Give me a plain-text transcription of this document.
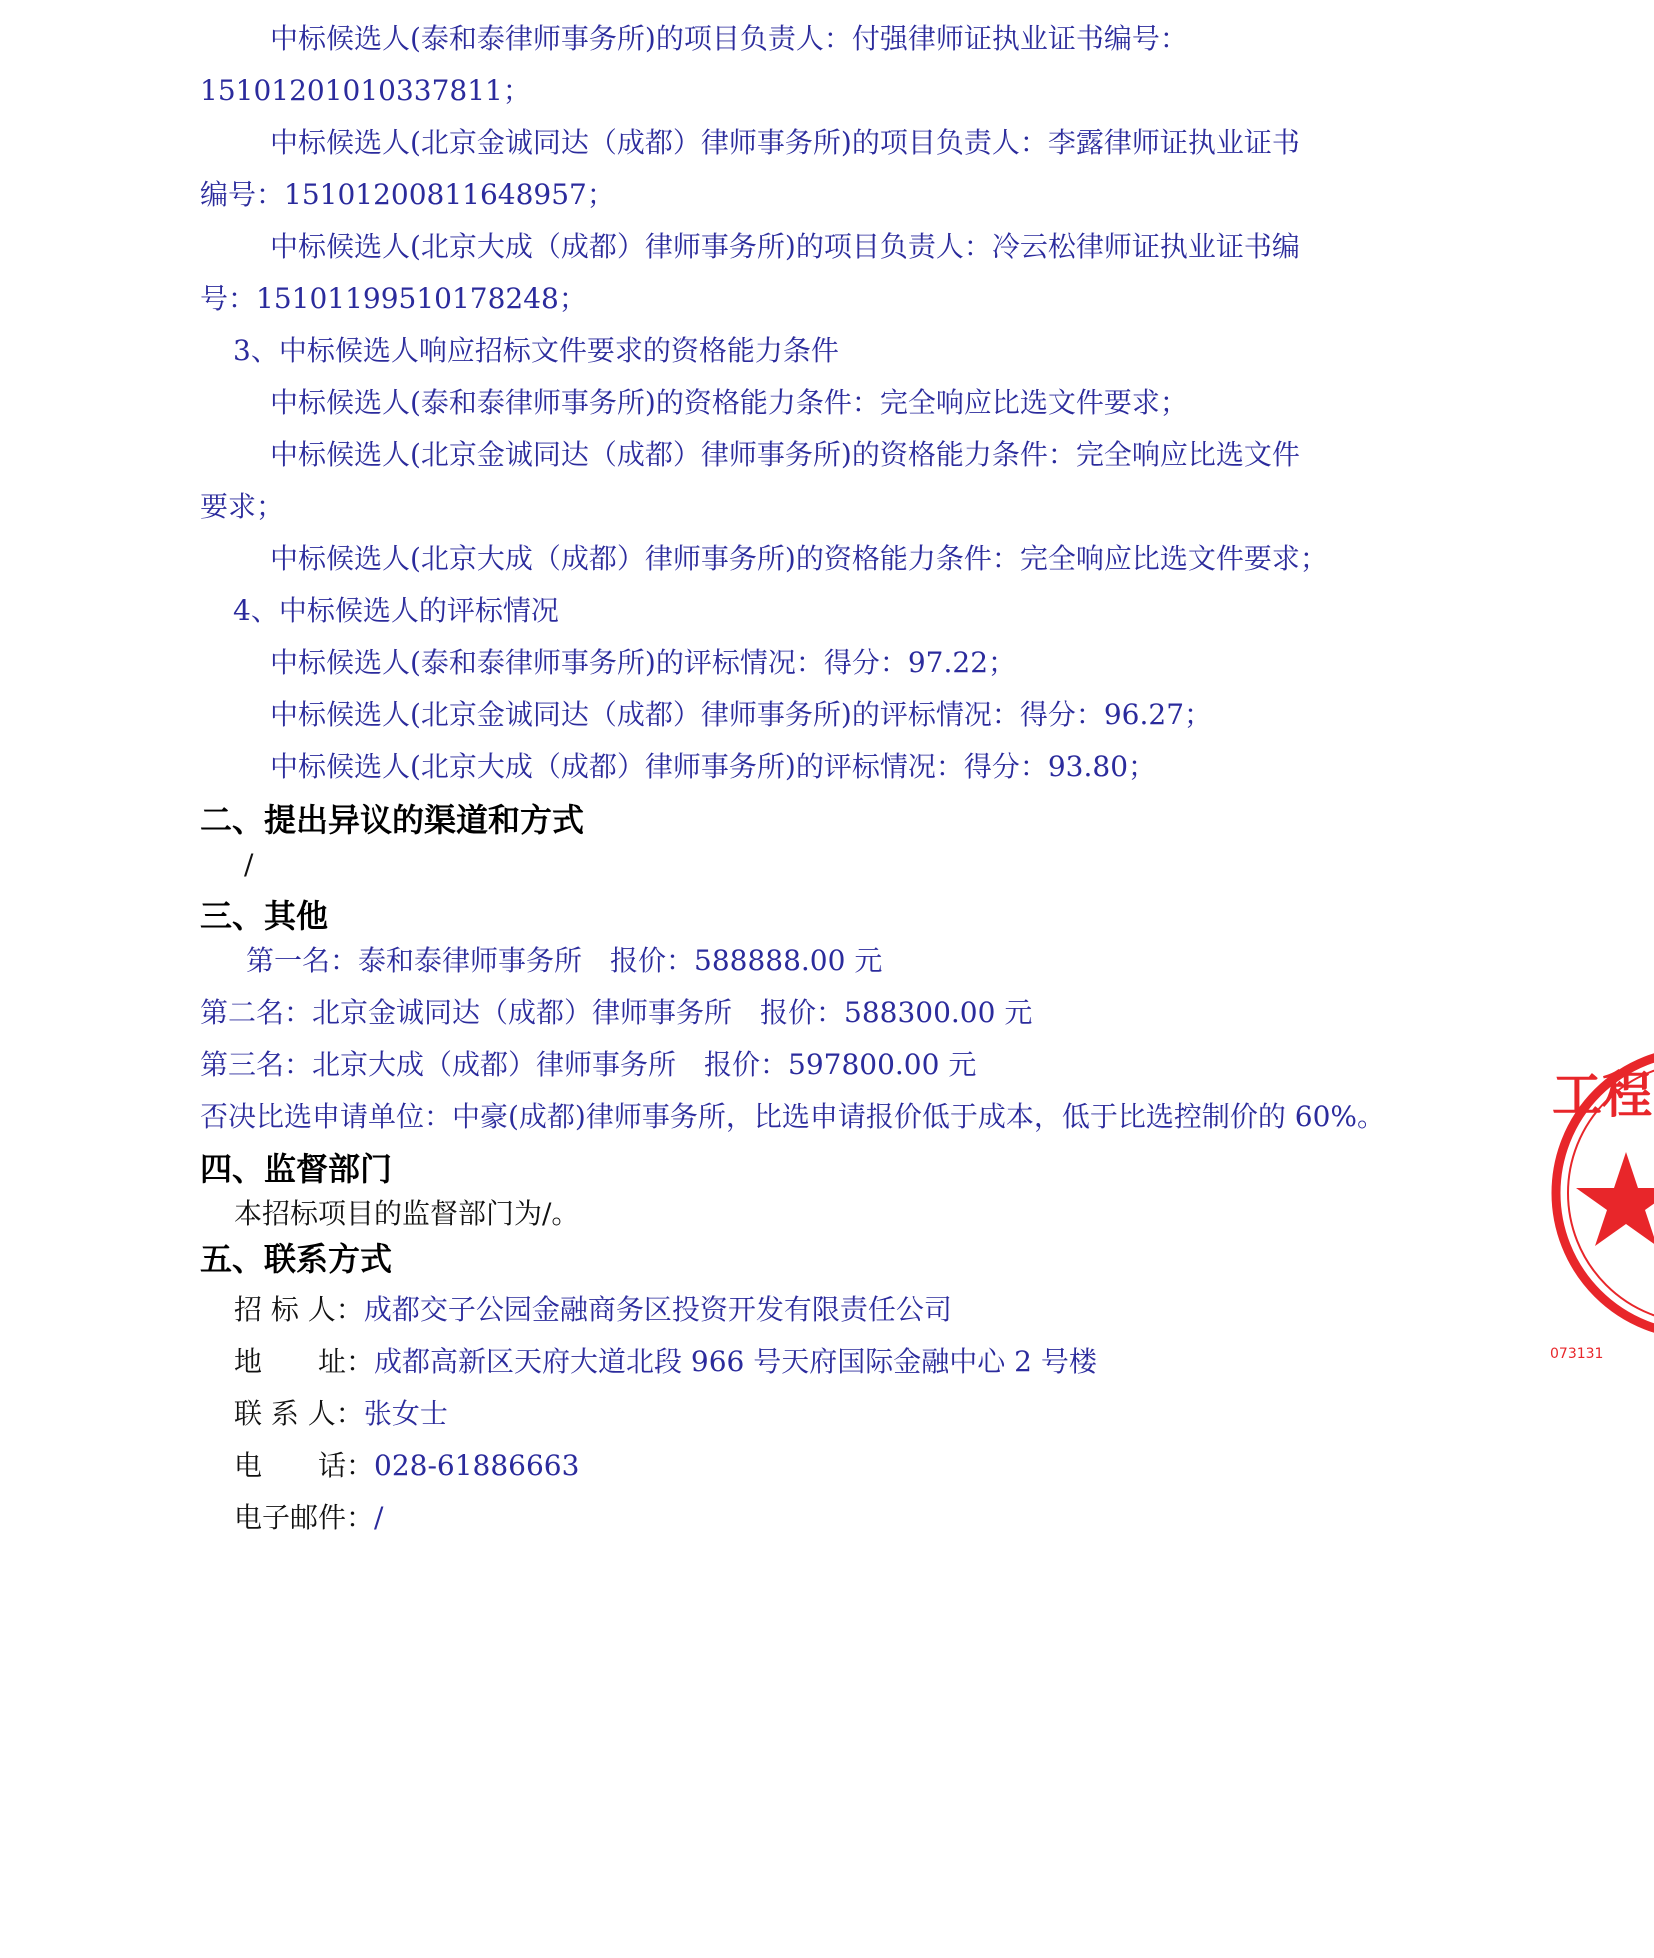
中标候选人(泰和泰律师事务所)的项目负责人：付强律师证执业证书编号：
15101201010337811；
中标候选人(北京金诚同达（成都）律师事务所)的项目负责人：李露律师证执业证书
编号：15101200811648957；
中标候选人(北京大成（成都）律师事务所)的项目负责人：冷云松律师证执业证书编
号：15101199510178248；
3、中标候选人响应招标文件要求的资格能力条件
中标候选人(泰和泰律师事务所)的资格能力条件：完全响应比选文件要求；
中标候选人(北京金诚同达（成都）律师事务所)的资格能力条件：完全响应比选文件
要求；
中标候选人(北京大成（成都）律师事务所)的资格能力条件：完全响应比选文件要求；
4、中标候选人的评标情况
中标候选人(泰和泰律师事务所)的评标情况：得分：97.22；
中标候选人(北京金诚同达（成都）律师事务所)的评标情况：得分：96.27；
中标候选人(北京大成（成都）律师事务所)的评标情况：得分：93.80；
二、提出异议的渠道和方式
/
三、其他
第一名：泰和泰律师事务所　报价：588888.00 元
第二名：北京金诚同达（成都）律师事务所　报价：588300.00 元
第三名：北京大成（成都）律师事务所　报价：597800.00 元
否决比选申请单位：中豪(成都)律师事务所，比选申请报价低于成本，低于比选控制价的 60%。
四、监督部门
本招标项目的监督部门为/。
五、联系方式
招 标 人：成都交子公园金融商务区投资开发有限责任公司
地　　址：成都高新区天府大道北段 966 号天府国际金融中心 2 号楼
联 系 人：张女士
电　　话：028-61886663
电子邮件：/
工程
073131
